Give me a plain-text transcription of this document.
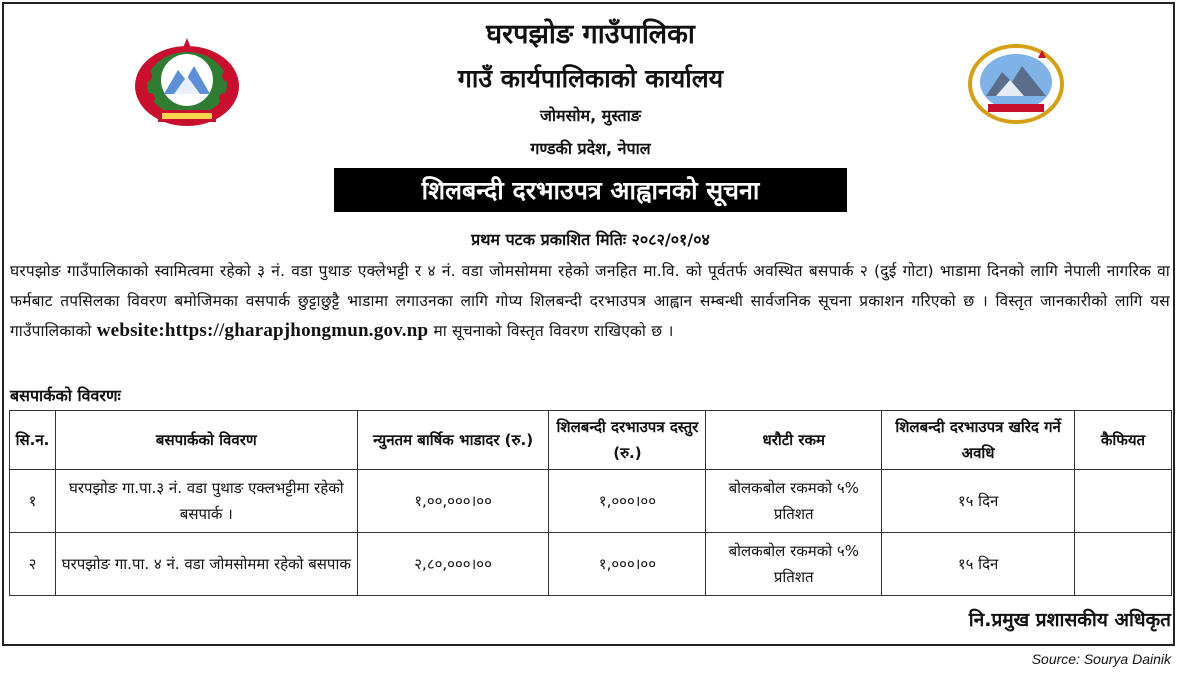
घरपझोङ गाउँपालिका
गाउँ कार्यपालिकाको कार्यालय
जोमसोम, मुस्ताङ
गण्डकी प्रदेश, नेपाल
शिलबन्दी दरभाउपत्र आह्वानको सूचना
प्रथम पटक प्रकाशित मितिः २०८२/०१/०४
घरपझोङ गाउँपालिकाको स्वामित्वमा रहेको ३ नं. वडा पुथाङ एक्लेभट्टी र ४ नं. वडा जोमसोममा रहेको जनहित मा.वि. को पूर्वतर्फ अवस्थित बसपार्क २ (दुई गोटा) भाडामा दिनको लागि नेपाली नागरिक वा फर्मबाट तपसिलका विवरण बमोजिमका वसपार्क छुट्टाछुट्टै भाडामा लगाउनका लागि गोप्य शिलबन्दी दरभाउपत्र आह्वान सम्बन्धी सार्वजनिक सूचना प्रकाशन गरिएको छ । विस्तृत जानकारीको लागि यस गाउँपालिकाको website:https://gharapjhongmun.gov.np मा सूचनाको विस्तृत विवरण राखिएको छ ।
बसपार्कको विवरणः
सि.न.	बसपार्कको विवरण	न्युनतम बार्षिक भाडादर (रु.)	शिलबन्दी दरभाउपत्र दस्तुर (रु.)	धरौटी रकम	शिलबन्दी दरभाउपत्र खरिद गर्ने अवधि	कैफियत
१	घरपझोङ गा.पा.३ नं. वडा पुथाङ एक्लभट्टीमा रहेको बसपार्क ।	१,००,०००।००	१,०००।००	बोलकबोल रकमको ५% प्रतिशत	१५ दिन	
२	घरपझोङ गा.पा. ४ नं. वडा जोमसोममा रहेको बसपाक	२,८०,०००।००	१,०००।००	बोलकबोल रकमको ५% प्रतिशत	१५ दिन	
नि.प्रमुख प्रशासकीय अधिकृत
Source: Sourya Dainik
